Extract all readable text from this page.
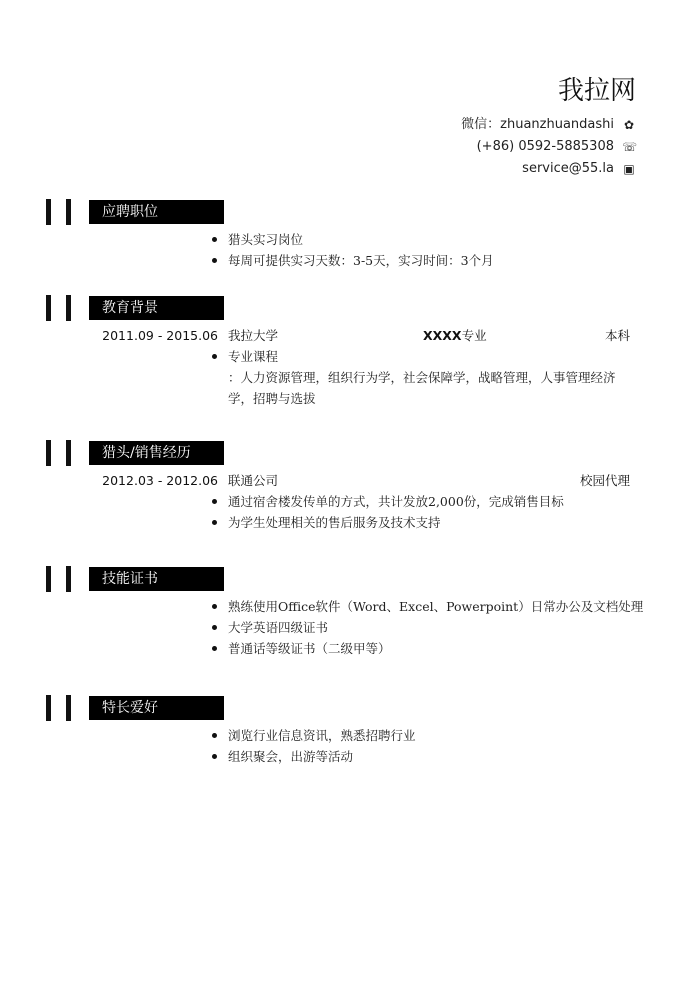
我拉网
微信：zhuanzhuandashi ✿
(+86) 0592-5885308 ☏
service@55.la ▣
应聘职位
猎头实习岗位
每周可提供实习天数：3-5天，实习时间：3个月
教育背景
2011.09 - 2015.06 我拉大学	XXXX专业	本科
专业课程
：人力资源管理，组织行为学，社会保障学，战略管理，人事管理经济学，招聘与选拔
猎头/销售经历
2012.03 - 2012.06 联通公司	校园代理
通过宿舍楼发传单的方式，共计发放2,000份，完成销售目标
为学生处理相关的售后服务及技术支持
技能证书
熟练使用Office软件（Word、Excel、Powerpoint）日常办公及文档处理
大学英语四级证书
普通话等级证书（二级甲等）
特长爱好
浏览行业信息资讯，熟悉招聘行业
组织聚会，出游等活动
